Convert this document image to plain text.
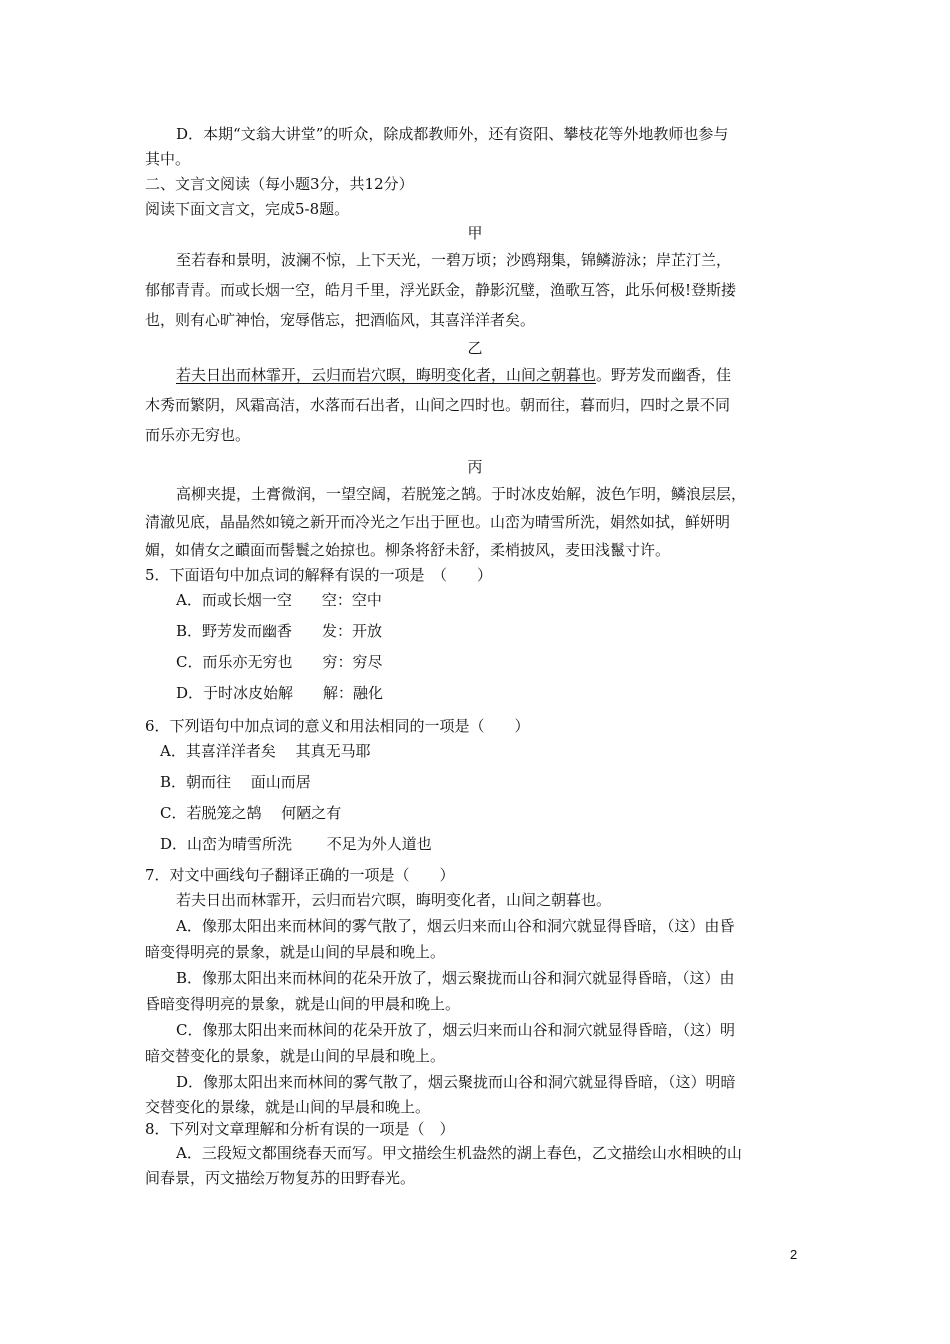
D．本期“文翁大讲堂”的听众，除成都教师外，还有资阳、攀枝花等外地教师也参与
其中。
二、文言文阅读（每小题3分，共12分）
阅读下面文言文，完成5-8题。
甲
至若春和景明，波澜不惊，上下天光，一碧万顷；沙鸥翔集，锦鳞游泳；岸芷汀兰，
郁郁青青。而或长烟一空，皓月千里，浮光跃金，静影沉璧，渔歌互答，此乐何极!登斯搂
也，则有心旷神怡，宠辱偕忘，把酒临风，其喜洋洋者矣。
乙
若夫日出而林霏开，云归而岩穴暝，晦明变化者，山间之朝暮也。野芳发而幽香，佳
木秀而繁阴，风霜高洁，水落而石出者，山间之四时也。朝而往，暮而归，四时之景不同
而乐亦无穷也。
丙
高柳夹提，土膏微润，一望空阔，若脱笼之鹄。于时冰皮始解，波色乍明，鳞浪层层，
清澈见底，晶晶然如镜之新开而冷光之乍出于匣也。山峦为晴雪所洗，娟然如拭，鲜妍明
媚，如倩女之靧面而髻鬟之始掠也。柳条将舒未舒，柔梢披风，麦田浅鬣寸许。
5．下面语句中加点词的解释有误的一项是　（　　）
A．而或长烟一空　　空：空中
B．野芳发而幽香　　发：开放
C．而乐亦无穷也　　穷：穷尽
D．于时冰皮始解　　解：融化
6．下列语句中加点词的意义和用法相同的一项是（　　）
A．其喜洋洋者矣　 其真无马耶
B．朝而往　 面山而居
C．若脱笼之鹄　 何陋之有
D．山峦为晴雪所洗　　 不足为外人道也
7．对文中画线句子翻译正确的一项是（　　）
若夫日出而林霏开，云归而岩穴暝，晦明变化者，山间之朝暮也。
A．像那太阳出来而林间的雾气散了，烟云归来而山谷和洞穴就显得昏暗，（这）由昏
暗变得明亮的景象，就是山间的早晨和晚上。
B．像那太阳出来而林间的花朵开放了，烟云聚拢而山谷和洞穴就显得昏暗，（这）由
昏暗变得明亮的景象，就是山间的甲晨和晚上。
C．像那太阳出来而林间的花朵开放了，烟云归来而山谷和洞穴就显得昏暗，（这）明
暗交替变化的景象，就是山间的早晨和晚上。
D．像那太阳出来而林间的雾气散了，烟云聚拢而山谷和洞穴就显得昏暗，（这）明暗
交替变化的景缘，就是山间的早晨和晚上。
8．下列对文章理解和分析有误的一项是（　）
A．三段短文都围绕春天而写。甲文描绘生机盎然的湖上春色，乙文描绘山水相映的山
间春景，丙文描绘万物复苏的田野春光。
2
